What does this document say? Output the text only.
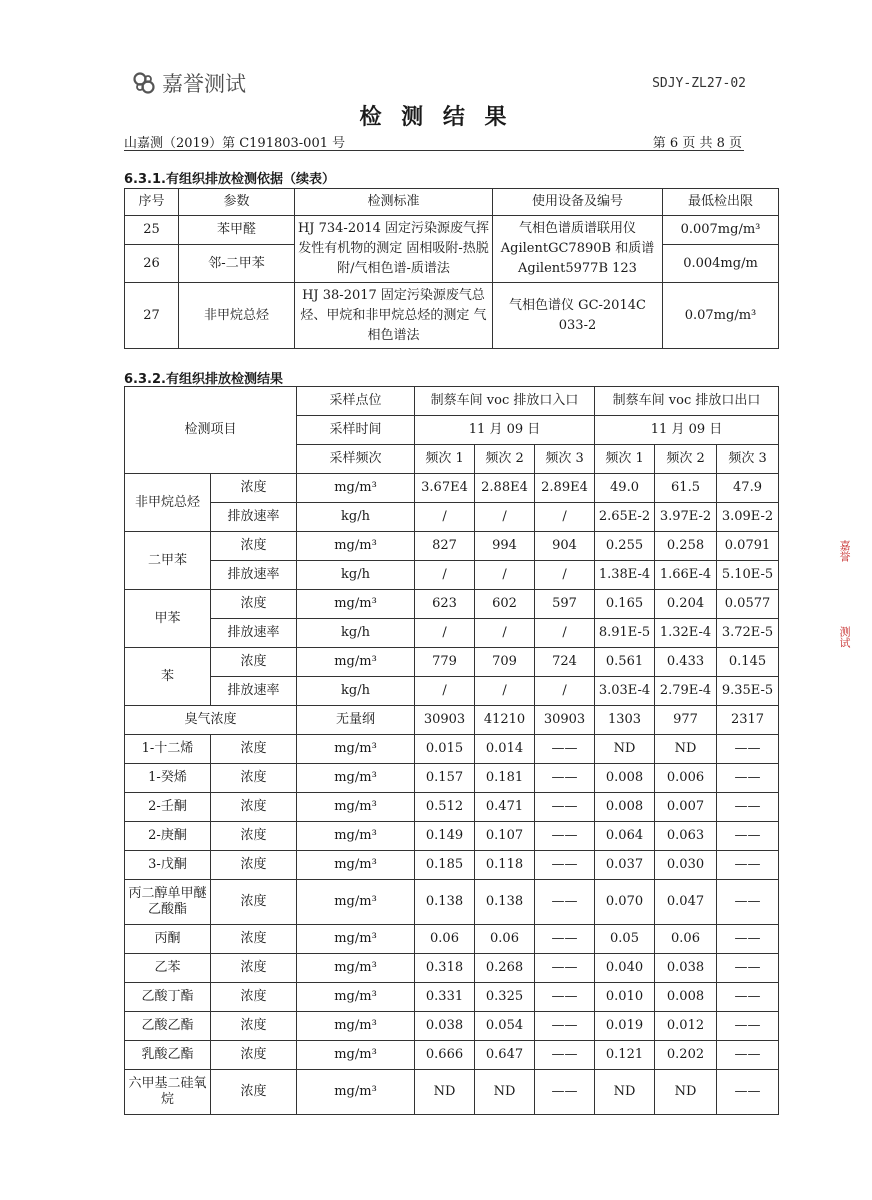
嘉誉测试	SDJY-ZL27-02
检 测 结 果
山嘉测（2019）第 C191803-001 号	第 6 页 共 8 页
6.3.1.有组织排放检测依据（续表）
序号	参数	检测标准	使用设备及编号	最低检出限
25	苯甲醛	HJ 734-2014 固定污染源废气挥发性有机物的测定 固相吸附-热脱附/气相色谱-质谱法	气相色谱质谱联用仪AgilentGC7890B 和质谱Agilent5977B 123	0.007mg/m³
26	邻-二甲苯			0.004mg/m
27	非甲烷总烃	HJ 38-2017 固定污染源废气总烃、甲烷和非甲烷总烃的测定 气相色谱法	气相色谱仪 GC-2014C 033-2	0.07mg/m³
6.3.2.有组织排放检测结果
检测项目		采样点位	制蔡车间 voc 排放口入口			制蔡车间 voc 排放口出口		
		采样时间	11 月 09 日			11 月 09 日		
		采样频次	频次 1	频次 2	频次 3	频次 1	频次 2	频次 3
非甲烷总烃	浓度	mg/m³	3.67E4	2.88E4	2.89E4	49.0	61.5	47.9
	排放速率	kg/h	/	/	/	2.65E-2	3.97E-2	3.09E-2
二甲苯	浓度	mg/m³	827	994	904	0.255	0.258	0.0791
	排放速率	kg/h	/	/	/	1.38E-4	1.66E-4	5.10E-5
甲苯	浓度	mg/m³	623	602	597	0.165	0.204	0.0577
	排放速率	kg/h	/	/	/	8.91E-5	1.32E-4	3.72E-5
苯	浓度	mg/m³	779	709	724	0.561	0.433	0.145
	排放速率	kg/h	/	/	/	3.03E-4	2.79E-4	9.35E-5
臭气浓度		无量纲	30903	41210	30903	1303	977	2317
1-十二烯	浓度	mg/m³	0.015	0.014	——	ND	ND	——
1-癸烯	浓度	mg/m³	0.157	0.181	——	0.008	0.006	——
2-壬酮	浓度	mg/m³	0.512	0.471	——	0.008	0.007	——
2-庚酮	浓度	mg/m³	0.149	0.107	——	0.064	0.063	——
3-戊酮	浓度	mg/m³	0.185	0.118	——	0.037	0.030	——
丙二醇单甲醚乙酸酯	浓度	mg/m³	0.138	0.138	——	0.070	0.047	——
丙酮	浓度	mg/m³	0.06	0.06	——	0.05	0.06	——
乙苯	浓度	mg/m³	0.318	0.268	——	0.040	0.038	——
乙酸丁酯	浓度	mg/m³	0.331	0.325	——	0.010	0.008	——
乙酸乙酯	浓度	mg/m³	0.038	0.054	——	0.019	0.012	——
乳酸乙酯	浓度	mg/m³	0.666	0.647	——	0.121	0.202	——
六甲基二硅氧烷	浓度	mg/m³	ND	ND	——	ND	ND	——
嘉誉
测试
